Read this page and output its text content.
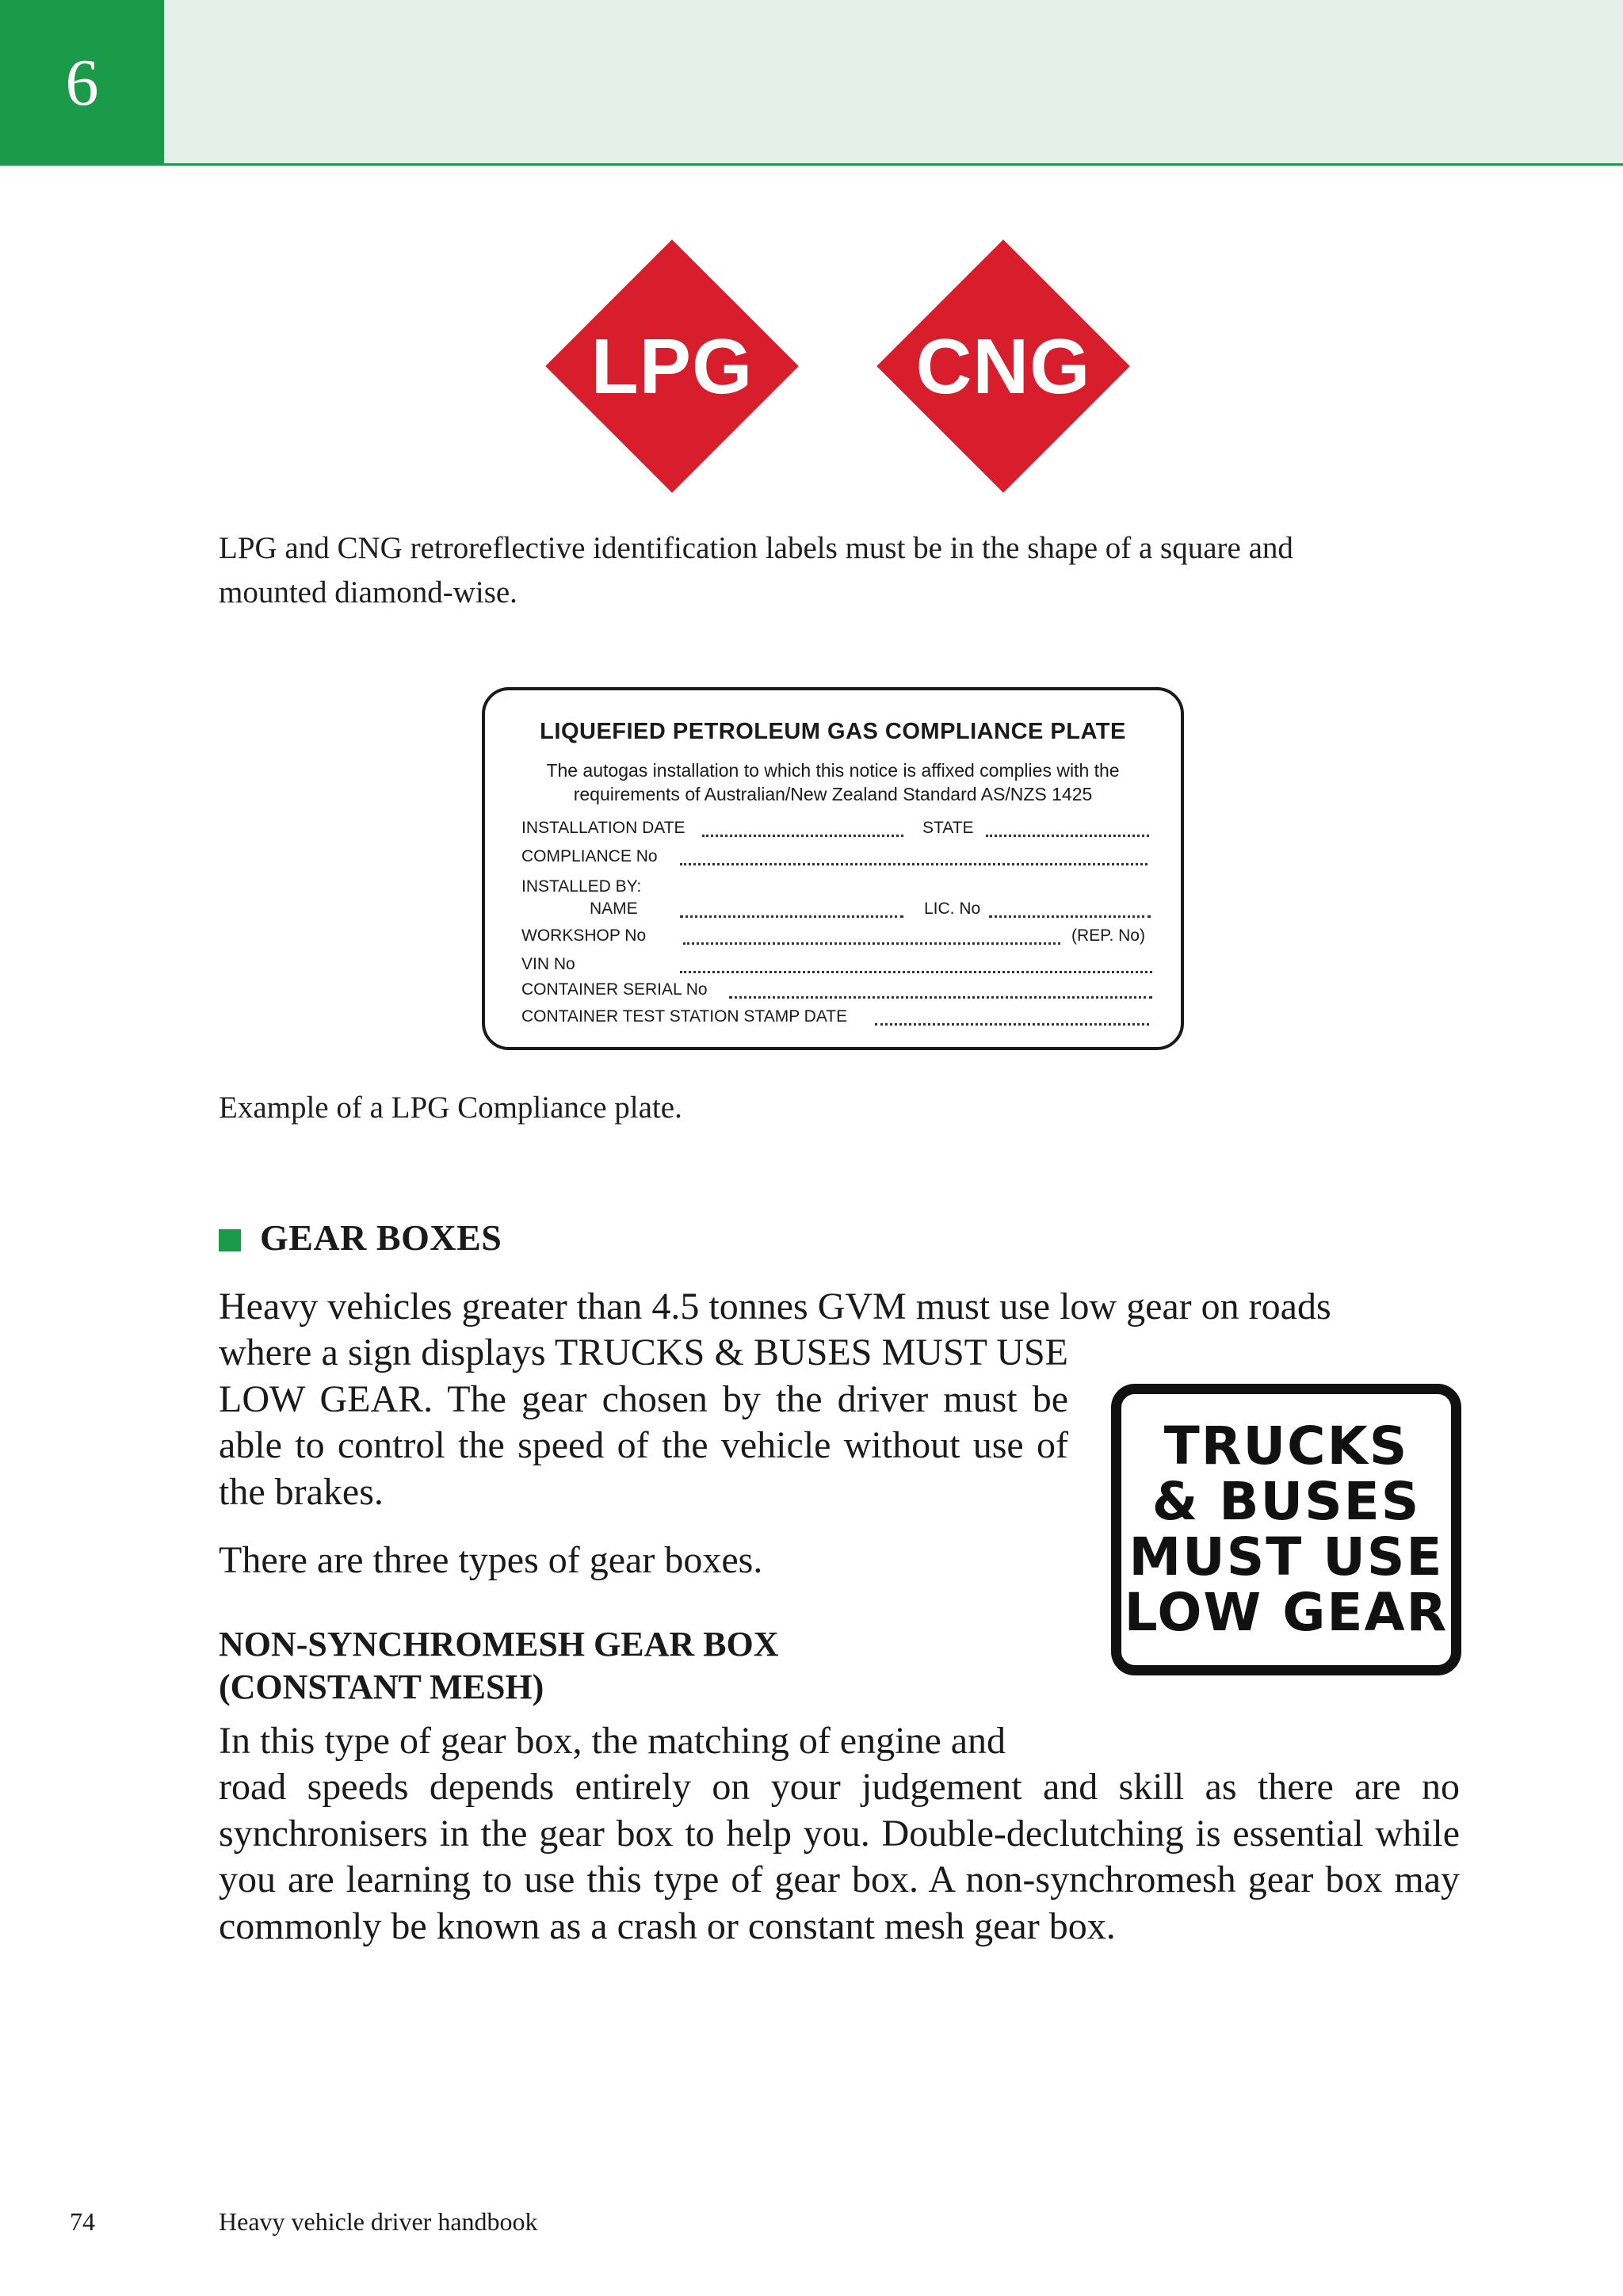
6
LPG	CNG
LPG and CNG retroreflective identification labels must be in the shape of a square and
mounted diamond-wise.
LIQUEFIED PETROLEUM GAS COMPLIANCE PLATE
The autogas installation to which this notice is affixed complies with the
requirements of Australian/New Zealand Standard AS/NZS 1425
INSTALLATION DATE	STATE
COMPLIANCE No
INSTALLED BY:
NAME	LIC. No
WORKSHOP No	(REP. No)
VIN No
CONTAINER SERIAL No
CONTAINER TEST STATION STAMP DATE
Example of a LPG Compliance plate.
GEAR BOXES
Heavy vehicles greater than 4.5 tonnes GVM must use low gear on roads
where a sign displays TRUCKS & BUSES MUST USE LOW GEAR. The gear chosen by the driver must be able to control the speed of the vehicle without use of the brakes.
There are three types of gear boxes.
NON-SYNCHROMESH GEAR BOX
(CONSTANT MESH)
In this type of gear box, the matching of engine and
road speeds depends entirely on your judgement and skill as there are no synchronisers in the gear box to help you. Double-declutching is essential while you are learning to use this type of gear box. A non-synchromesh gear box may commonly be known as a crash or constant mesh gear box.
TRUCKS
& BUSES
MUST USE
LOW GEAR
74	Heavy vehicle driver handbook
